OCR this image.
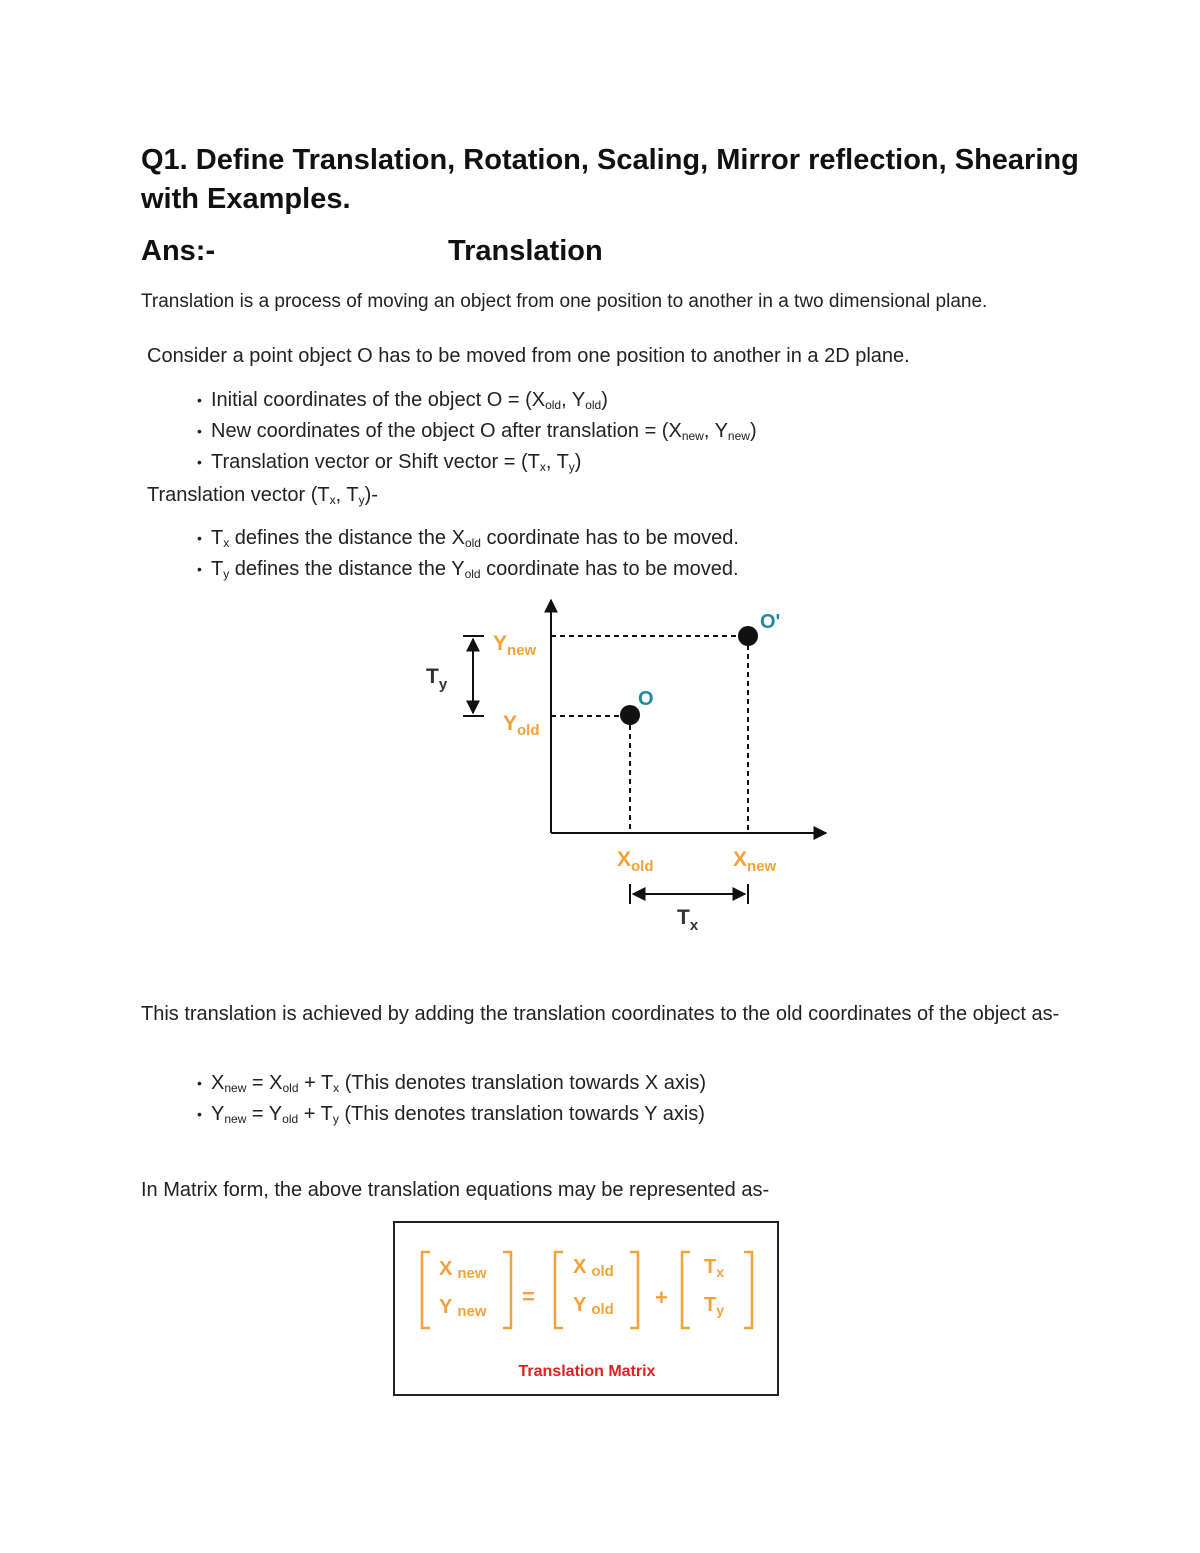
Q1. Define Translation, Rotation, Scaling, Mirror reflection, Shearing with Examples.
Ans:-	Translation
Translation is a process of moving an object from one position to another in a two dimensional plane.
Consider a point object O has to be moved from one position to another in a 2D plane.
• Initial coordinates of the object $O = (X_{old}$, $Y_{old}$)
• New coordinates of the object O after translation = ($X_{new}$, $Y_{new}$)
• Translation vector or Shift vector = ($T_x$, $T_y$)
Translation vector ($T_x$, $T_y)-$
• $T_x$ defines the distance the $X_{old}$ coordinate has to be moved.
• $T_y$ defines the distance the $Y_{old}$ coordinate has to be moved.
O
O'
$T_y$
$Y_{new}$
$Y_{old}$
$X_{old}$	$X_{new}$
$T_x$
This translation is achieved by adding the translation coordinates to the old coordinates of the object as-
• $X_{new} = X_{old} + T_x$ (This denotes translation towards X axis)
• $Y_{new} = Y_{old} + T_y$ (This denotes translation towards Y axis)
In Matrix form, the above translation equations may be represented as-
X new
Y new
=
X old
Y old +
$T_x$
$T_y$
Translation Matrix
